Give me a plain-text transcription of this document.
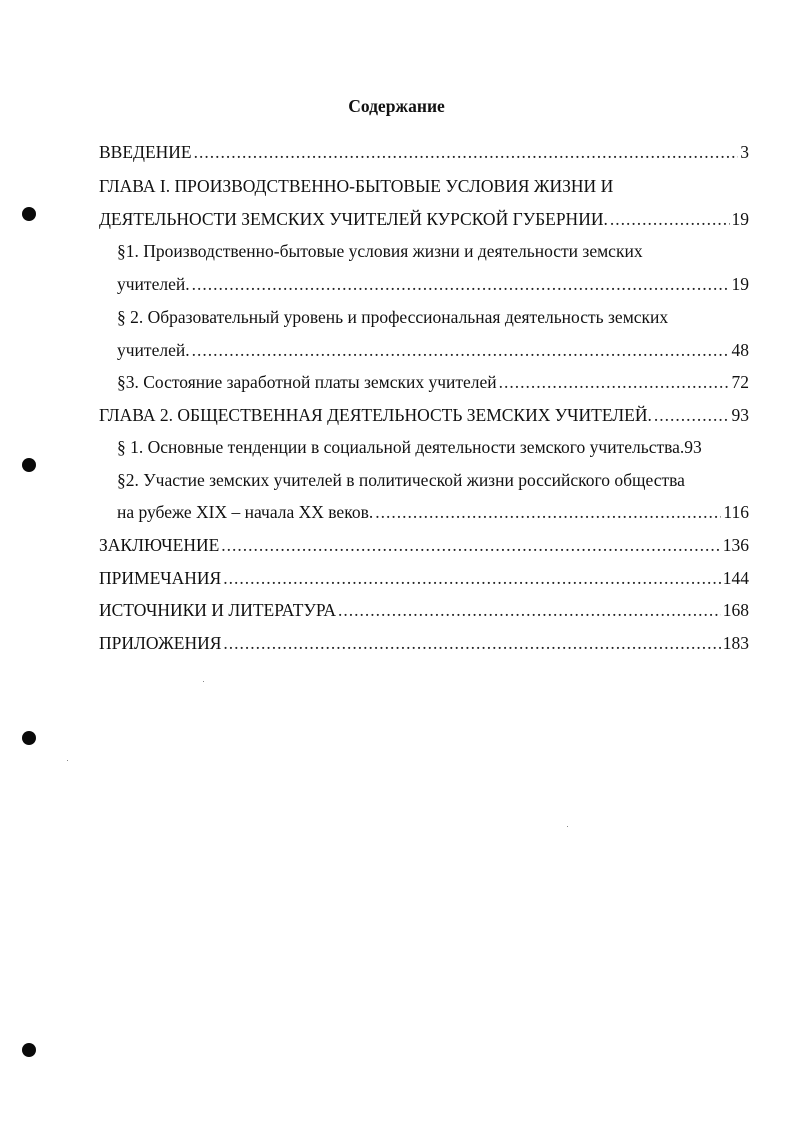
Содержание
ВВЕДЕНИЕ .....	3
ГЛАВА I. ПРОИЗВОДСТВЕННО-БЫТОВЫЕ УСЛОВИЯ ЖИЗНИ И
ДЕЯТЕЛЬНОСТИ ЗЕМСКИХ УЧИТЕЛЕЙ КУРСКОЙ ГУБЕРНИИ. .....	19
§1. Производственно-бытовые условия жизни и деятельности земских
учителей. .....	19
§ 2. Образовательный уровень и профессиональная деятельность земских
учителей. .....	48
§3. Состояние заработной платы земских учителей .....	72
ГЛАВА 2. ОБЩЕСТВЕННАЯ ДЕЯТЕЛЬНОСТЬ ЗЕМСКИХ УЧИТЕЛЕЙ. .....	93
§ 1. Основные тенденции в социальной деятельности земского учительства.93
§2. Участие земских учителей в политической жизни российского общества
на рубеже XIX – начала XX веков. .....	116
ЗАКЛЮЧЕНИЕ .....	136
ПРИМЕЧАНИЯ .....	144
ИСТОЧНИКИ И ЛИТЕРАТУРА .....	168
ПРИЛОЖЕНИЯ .....	183
